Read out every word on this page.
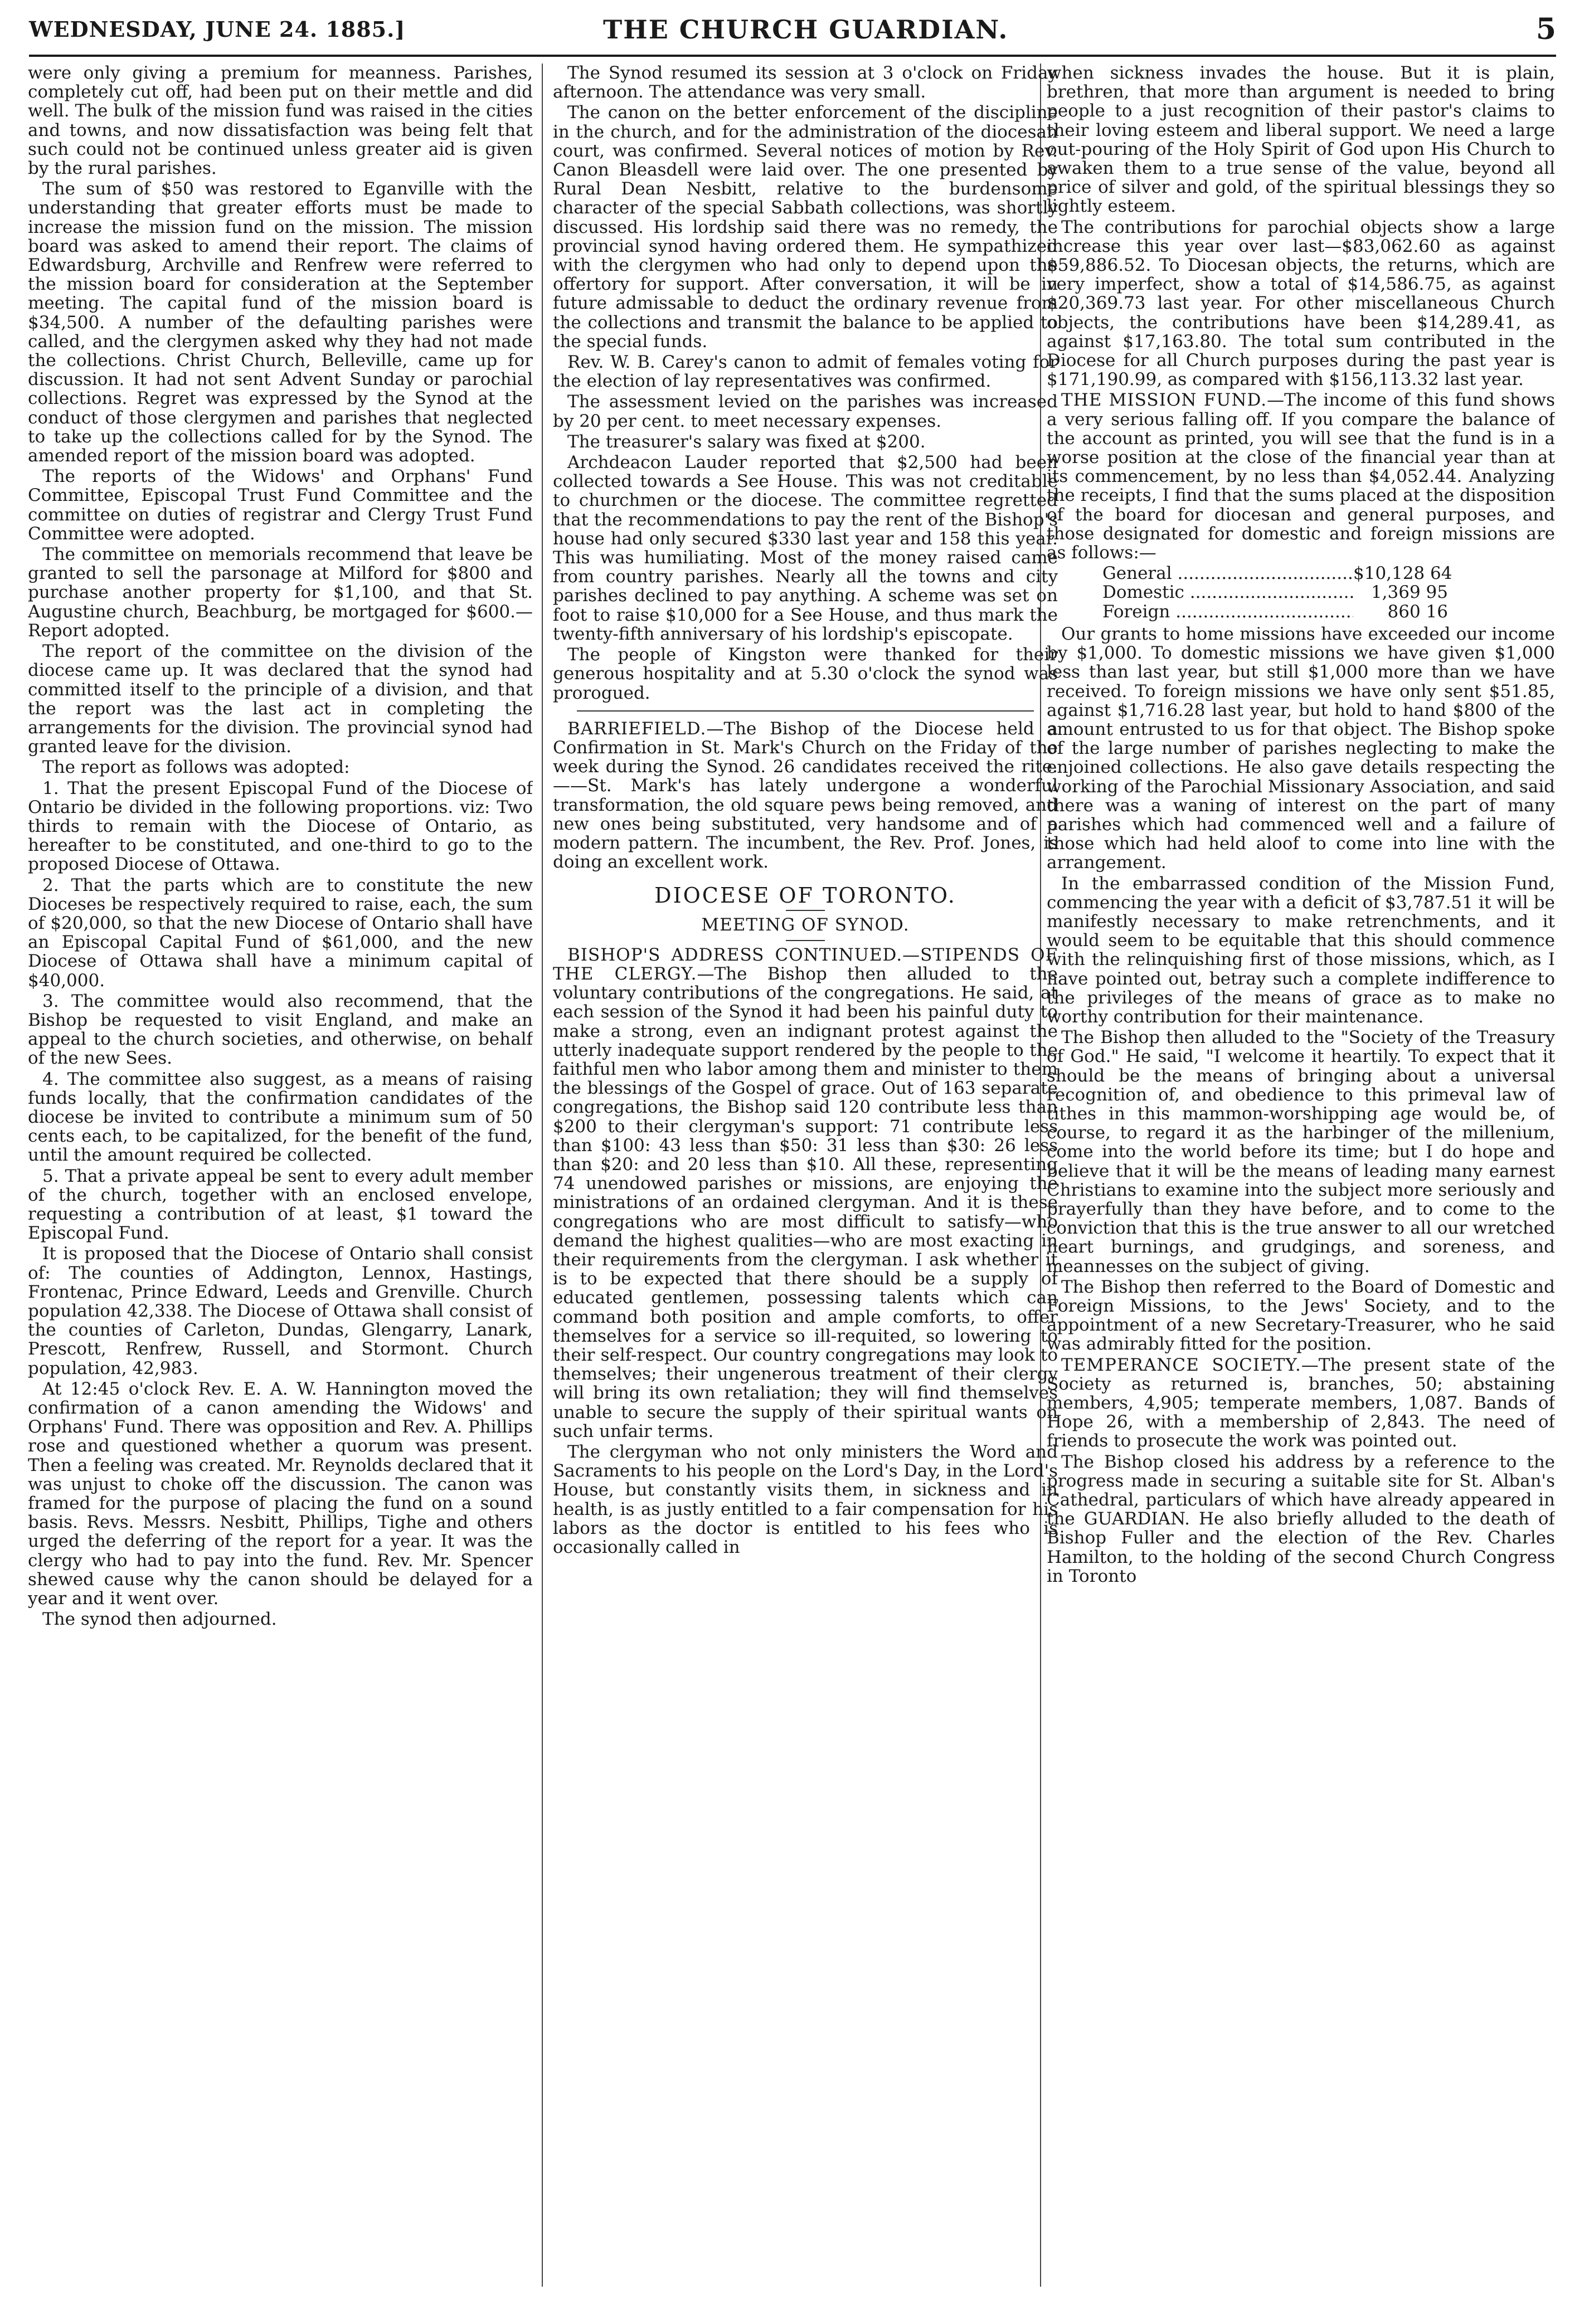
WEDNESDAY, JUNE 24. 1885.]	THE CHURCH GUARDIAN.	5

were only giving a premium for meanness. Parishes, completely cut off, had been put on their mettle and did well. The bulk of the mission fund was raised in the cities and towns, and now dissatisfaction was being felt that such could not be continued unless greater aid is given by the rural parishes.

The sum of $50 was restored to Eganville with the understanding that greater efforts must be made to increase the mission fund on the mission. The mission board was asked to amend their report. The claims of Edwardsburg, Archville and Renfrew were referred to the mission board for consideration at the September meeting. The capital fund of the mission board is $34,500. A number of the defaulting parishes were called, and the clergymen asked why they had not made the collections. Christ Church, Belleville, came up for discussion. It had not sent Advent Sunday or parochial collections. Regret was expressed by the Synod at the conduct of those clergymen and parishes that neglected to take up the collections called for by the Synod. The amended report of the mission board was adopted.

The reports of the Widows' and Orphans' Fund Committee, Episcopal Trust Fund Committee and the committee on duties of registrar and Clergy Trust Fund Committee were adopted.

The committee on memorials recommend that leave be granted to sell the parsonage at Milford for $800 and purchase another property for $1,100, and that St. Augustine church, Beachburg, be mortgaged for $600.—Report adopted.

The report of the committee on the division of the diocese came up. It was declared that the synod had committed itself to the principle of a division, and that the report was the last act in completing the arrangements for the division. The provincial synod had granted leave for the division.

The report as follows was adopted:

1. That the present Episcopal Fund of the Diocese of Ontario be divided in the following proportions. viz: Two thirds to remain with the Diocese of Ontario, as hereafter to be constituted, and one-third to go to the proposed Diocese of Ottawa.

2. That the parts which are to constitute the new Dioceses be respectively required to raise, each, the sum of $20,000, so that the new Diocese of Ontario shall have an Episcopal Capital Fund of $61,000, and the new Diocese of Ottawa shall have a minimum capital of $40,000.

3. The committee would also recommend, that the Bishop be requested to visit England, and make an appeal to the church societies, and otherwise, on behalf of the new Sees.

4. The committee also suggest, as a means of raising funds locally, that the confirmation candidates of the diocese be invited to contribute a minimum sum of 50 cents each, to be capitalized, for the benefit of the fund, until the amount required be collected.

5. That a private appeal be sent to every adult member of the church, together with an enclosed envelope, requesting a contribution of at least, $1 toward the Episcopal Fund.

It is proposed that the Diocese of Ontario shall consist of: The counties of Addington, Lennox, Hastings, Frontenac, Prince Edward, Leeds and Grenville. Church population 42,338. The Diocese of Ottawa shall consist of the counties of Carleton, Dundas, Glengarry, Lanark, Prescott, Renfrew, Russell, and Stormont. Church population, 42,983.

At 12:45 o'clock Rev. E. A. W. Hannington moved the confirmation of a canon amending the Widows' and Orphans' Fund. There was opposition and Rev. A. Phillips rose and questioned whether a quorum was present. Then a feeling was created. Mr. Reynolds declared that it was unjust to choke off the discussion. The canon was framed for the purpose of placing the fund on a sound basis. Revs. Messrs. Nesbitt, Phillips, Tighe and others urged the deferring of the report for a year. It was the clergy who had to pay into the fund. Rev. Mr. Spencer shewed cause why the canon should be delayed for a year and it went over.

The synod then adjourned.

The Synod resumed its session at 3 o'clock on Friday afternoon. The attendance was very small.

The canon on the better enforcement of the discipline in the church, and for the administration of the diocesan court, was confirmed. Several notices of motion by Rev. Canon Bleasdell were laid over. The one presented by Rural Dean Nesbitt, relative to the burdensome character of the special Sabbath collections, was shortly discussed. His lordship said there was no remedy, the provincial synod having ordered them. He sympathized with the clergymen who had only to depend upon the offertory for support. After conversation, it will be in future admissable to deduct the ordinary revenue from the collections and transmit the balance to be applied to the special funds.

Rev. W. B. Carey's canon to admit of females voting for the election of lay representatives was confirmed.

The assessment levied on the parishes was increased by 20 per cent. to meet necessary expenses.

The treasurer's salary was fixed at $200.

Archdeacon Lauder reported that $2,500 had been collected towards a See House. This was not creditable to churchmen or the diocese. The committee regretted that the recommendations to pay the rent of the Bishop's house had only secured $330 last year and 158 this year. This was humiliating. Most of the money raised came from country parishes. Nearly all the towns and city parishes declined to pay anything. A scheme was set on foot to raise $10,000 for a See House, and thus mark the twenty-fifth anniversary of his lordship's episcopate.

The people of Kingston were thanked for their generous hospitality and at 5.30 o'clock the synod was prorogued.

BARRIEFIELD.—The Bishop of the Diocese held a Confirmation in St. Mark's Church on the Friday of the week during the Synod. 26 candidates received the rite.——St. Mark's has lately undergone a wonderful transformation, the old square pews being removed, and new ones being substituted, very handsome and of a modern pattern. The incumbent, the Rev. Prof. Jones, is doing an excellent work.

DIOCESE OF TORONTO.
MEETING OF SYNOD.

BISHOP'S ADDRESS CONTINUED.—STIPENDS OF THE CLERGY.—The Bishop then alluded to the voluntary contributions of the congregations. He said, at each session of the Synod it had been his painful duty to make a strong, even an indignant protest against the utterly inadequate support rendered by the people to the faithful men who labor among them and minister to them the blessings of the Gospel of grace. Out of 163 separate congregations, the Bishop said 120 contribute less than $200 to their clergyman's support: 71 contribute less than $100: 43 less than $50: 31 less than $30: 26 less than $20: and 20 less than $10. All these, representing 74 unendowed parishes or missions, are enjoying the ministrations of an ordained clergyman. And it is these congregations who are most difficult to satisfy—who demand the highest qualities—who are most exacting in their requirements from the clergyman. I ask whether it is to be expected that there should be a supply of educated gentlemen, possessing talents which can command both position and ample comforts, to offer themselves for a service so ill-requited, so lowering to their self-respect. Our country congregations may look to themselves; their ungenerous treatment of their clergy will bring its own retaliation; they will find themselves unable to secure the supply of their spiritual wants on such unfair terms.

The clergyman who not only ministers the Word and Sacraments to his people on the Lord's Day, in the Lord's House, but constantly visits them, in sickness and in health, is as justly entitled to a fair compensation for his labors as the doctor is entitled to his fees who is occasionally called in

when sickness invades the house. But it is plain, brethren, that more than argument is needed to bring people to a just recognition of their pastor's claims to their loving esteem and liberal support. We need a large out-pouring of the Holy Spirit of God upon His Church to awaken them to a true sense of the value, beyond all price of silver and gold, of the spiritual blessings they so lightly esteem.

The contributions for parochial objects show a large increase this year over last—$83,062.60 as against $59,886.52. To Diocesan objects, the returns, which are very imperfect, show a total of $14,586.75, as against $20,369.73 last year. For other miscellaneous Church objects, the contributions have been $14,289.41, as against $17,163.80. The total sum contributed in the Diocese for all Church purposes during the past year is $171,190.99, as compared with $156,113.32 last year.

THE MISSION FUND.—The income of this fund shows a very serious falling off. If you compare the balance of the account as printed, you will see that the fund is in a worse position at the close of the financial year than at its commencement, by no less than $4,052.44. Analyzing the receipts, I find that the sums placed at the disposition of the board for diocesan and general purposes, and those designated for domestic and foreign missions are as follows:—

General .....	$10,128 64
Domestic .....	1,369 95
Foreign .....	860 16

Our grants to home missions have exceeded our income by $1,000. To domestic missions we have given $1,000 less than last year, but still $1,000 more than we have received. To foreign missions we have only sent $51.85, against $1,716.28 last year, but hold to hand $800 of the amount entrusted to us for that object. The Bishop spoke of the large number of parishes neglecting to make the enjoined collections. He also gave details respecting the working of the Parochial Missionary Association, and said there was a waning of interest on the part of many parishes which had commenced well and a failure of those which had held aloof to come into line with the arrangement.

In the embarrassed condition of the Mission Fund, commencing the year with a deficit of $3,787.51 it will be manifestly necessary to make retrenchments, and it would seem to be equitable that this should commence with the relinquishing first of those missions, which, as I have pointed out, betray such a complete indifference to the privileges of the means of grace as to make no worthy contribution for their maintenance.

The Bishop then alluded to the "Society of the Treasury of God." He said, "I welcome it heartily. To expect that it should be the means of bringing about a universal recognition of, and obedience to this primeval law of tithes in this mammon-worshipping age would be, of course, to regard it as the harbinger of the millenium, come into the world before its time; but I do hope and believe that it will be the means of leading many earnest Christians to examine into the subject more seriously and prayerfully than they have before, and to come to the conviction that this is the true answer to all our wretched heart burnings, and grudgings, and soreness, and meannesses on the subject of giving.

The Bishop then referred to the Board of Domestic and Foreign Missions, to the Jews' Society, and to the appointment of a new Secretary-Treasurer, who he said was admirably fitted for the position.

TEMPERANCE SOCIETY.—The present state of the Society as returned is, branches, 50; abstaining members, 4,905; temperate members, 1,087. Bands of Hope 26, with a membership of 2,843. The need of friends to prosecute the work was pointed out.

The Bishop closed his address by a reference to the progress made in securing a suitable site for St. Alban's Cathedral, particulars of which have already appeared in the GUARDIAN. He also briefly alluded to the death of Bishop Fuller and the election of the Rev. Charles Hamilton, to the holding of the second Church Congress in Toronto
